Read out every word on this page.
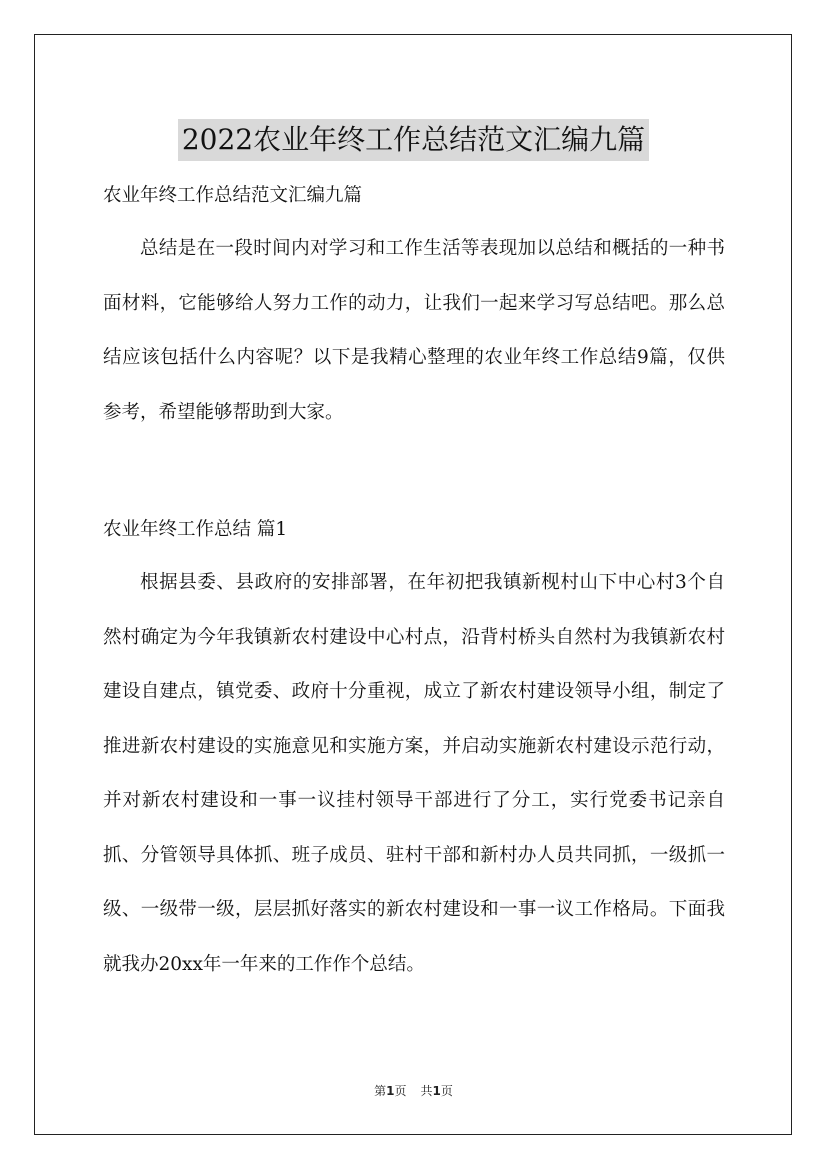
2022农业年终工作总结范文汇编九篇

农业年终工作总结范文汇编九篇

总结是在一段时间内对学习和工作生活等表现加以总结和概括的一种书面材料，它能够给人努力工作的动力，让我们一起来学习写总结吧。那么总结应该包括什么内容呢？以下是我精心整理的农业年终工作总结9篇，仅供参考，希望能够帮助到大家。

农业年终工作总结 篇1

根据县委、县政府的安排部署，在年初把我镇新枧村山下中心村3个自然村确定为今年我镇新农村建设中心村点，沿背村桥头自然村为我镇新农村建设自建点，镇党委、政府十分重视，成立了新农村建设领导小组，制定了推进新农村建设的实施意见和实施方案，并启动实施新农村建设示范行动，并对新农村建设和一事一议挂村领导干部进行了分工，实行党委书记亲自抓、分管领导具体抓、班子成员、驻村干部和新村办人员共同抓，一级抓一级、一级带一级，层层抓好落实的新农村建设和一事一议工作格局。下面我就我办20xx年一年来的工作作个总结。

第1页 共1页
